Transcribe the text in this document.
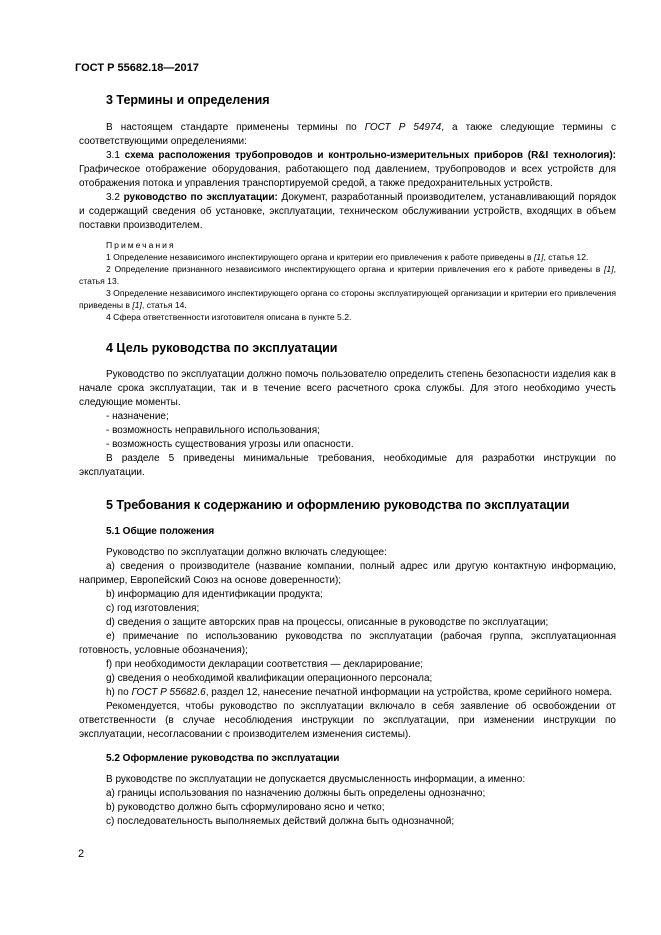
ГОСТ Р 55682.18—2017
3 Термины и определения

В настоящем стандарте применены термины по ГОСТ Р 54974, а также следующие термины с соответствующими определениями:

3.1 схема расположения трубопроводов и контрольно-измерительных приборов (R&I технология): Графическое отображение оборудования, работающего под давлением, трубопроводов и всех устройств для отображения потока и управления транспортируемой средой, а также предохранительных устройств.

3.2 руководство по эксплуатации: Документ, разработанный производителем, устанавливающий порядок и содержащий сведения об установке, эксплуатации, техническом обслуживании устройств, входящих в объем поставки производителем.

Примечания

1 Определение независимого инспектирующего органа и критерии его привлечения к работе приведены в [1], статья 12.

2 Определение признанного независимого инспектирующего органа и критерии привлечения его к работе приведены в [1], статья 13.

3 Определение независимого инспектирующего органа со стороны эксплуатирующей организации и критерии его привлечения приведены в [1], статья 14.

4 Сфера ответственности изготовителя описана в пункте 5.2.

4 Цель руководства по эксплуатации

Руководство по эксплуатации должно помочь пользователю определить степень безопасности изделия как в начале срока эксплуатации, так и в течение всего расчетного срока службы. Для этого необходимо учесть следующие моменты.

- назначение;

- возможность неправильного использования;

- возможность существования угрозы или опасности.

В разделе 5 приведены минимальные требования, необходимые для разработки инструкции по эксплуатации.

5 Требования к содержанию и оформлению руководства по эксплуатации
5.1 Общие положения

Руководство по эксплуатации должно включать следующее:

a) сведения о производителе (название компании, полный адрес или другую контактную информацию, например, Европейский Союз на основе доверенности);

b) информацию для идентификации продукта;

c) год изготовления;

d) сведения о защите авторских прав на процессы, описанные в руководстве по эксплуатации;

e) примечание по использованию руководства по эксплуатации (рабочая группа, эксплуатационная готовность, условные обозначения);

f) при необходимости декларации соответствия — декларирование;

g) сведения о необходимой квалификации операционного персонала;

h) по ГОСТ Р 55682.6, раздел 12, нанесение печатной информации на устройства, кроме серийного номера.

Рекомендуется, чтобы руководство по эксплуатации включало в себя заявление об освобождении от ответственности (в случае несоблюдения инструкции по эксплуатации, при изменении инструкции по эксплуатации, несогласовании с производителем изменения системы).

5.2 Оформление руководства по эксплуатации

В руководстве по эксплуатации не допускается двусмысленность информации, а именно:

a) границы использования по назначению должны быть определены однозначно;

b) руководство должно быть сформулировано ясно и четко;

c) последовательность выполняемых действий должна быть однозначной;

2
